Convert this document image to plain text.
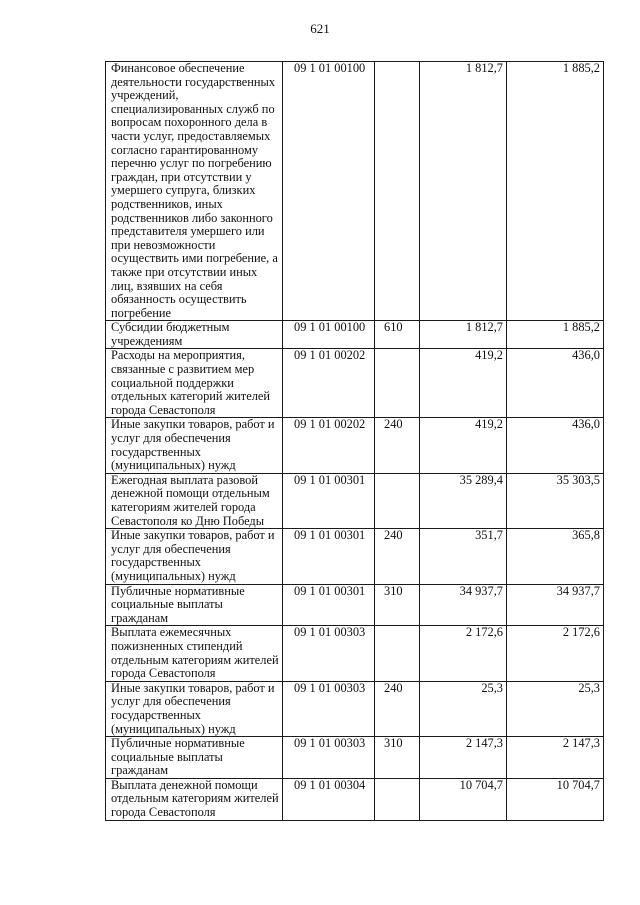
621
Финансовое обеспечение деятельности государственных учреждений, специализированных служб по вопросам похоронного дела в части услуг, предоставляемых согласно гарантированному перечню услуг по погребению граждан, при отсутствии у умершего супруга, близких родственников, иных родственников либо законного представителя умершего или при невозможности осуществить ими погребение, а также при отсутствии иных лиц, взявших на себя обязанность осуществить погребение	09 1 01 00100		1 812,7	1 885,2
Субсидии бюджетным учреждениям	09 1 01 00100	610	1 812,7	1 885,2
Расходы на мероприятия, связанные с развитием мер социальной поддержки отдельных категорий жителей города Севастополя	09 1 01 00202		419,2	436,0
Иные закупки товаров, работ и услуг для обеспечения государственных (муниципальных) нужд	09 1 01 00202	240	419,2	436,0
Ежегодная выплата разовой денежной помощи отдельным категориям жителей города Севастополя ко Дню Победы	09 1 01 00301		35 289,4	35 303,5
Иные закупки товаров, работ и услуг для обеспечения государственных (муниципальных) нужд	09 1 01 00301	240	351,7	365,8
Публичные нормативные социальные выплаты гражданам	09 1 01 00301	310	34 937,7	34 937,7
Выплата ежемесячных пожизненных стипендий отдельным категориям жителей города Севастополя	09 1 01 00303		2 172,6	2 172,6
Иные закупки товаров, работ и услуг для обеспечения государственных (муниципальных) нужд	09 1 01 00303	240	25,3	25,3
Публичные нормативные социальные выплаты гражданам	09 1 01 00303	310	2 147,3	2 147,3
Выплата денежной помощи отдельным категориям жителей города Севастополя	09 1 01 00304		10 704,7	10 704,7
